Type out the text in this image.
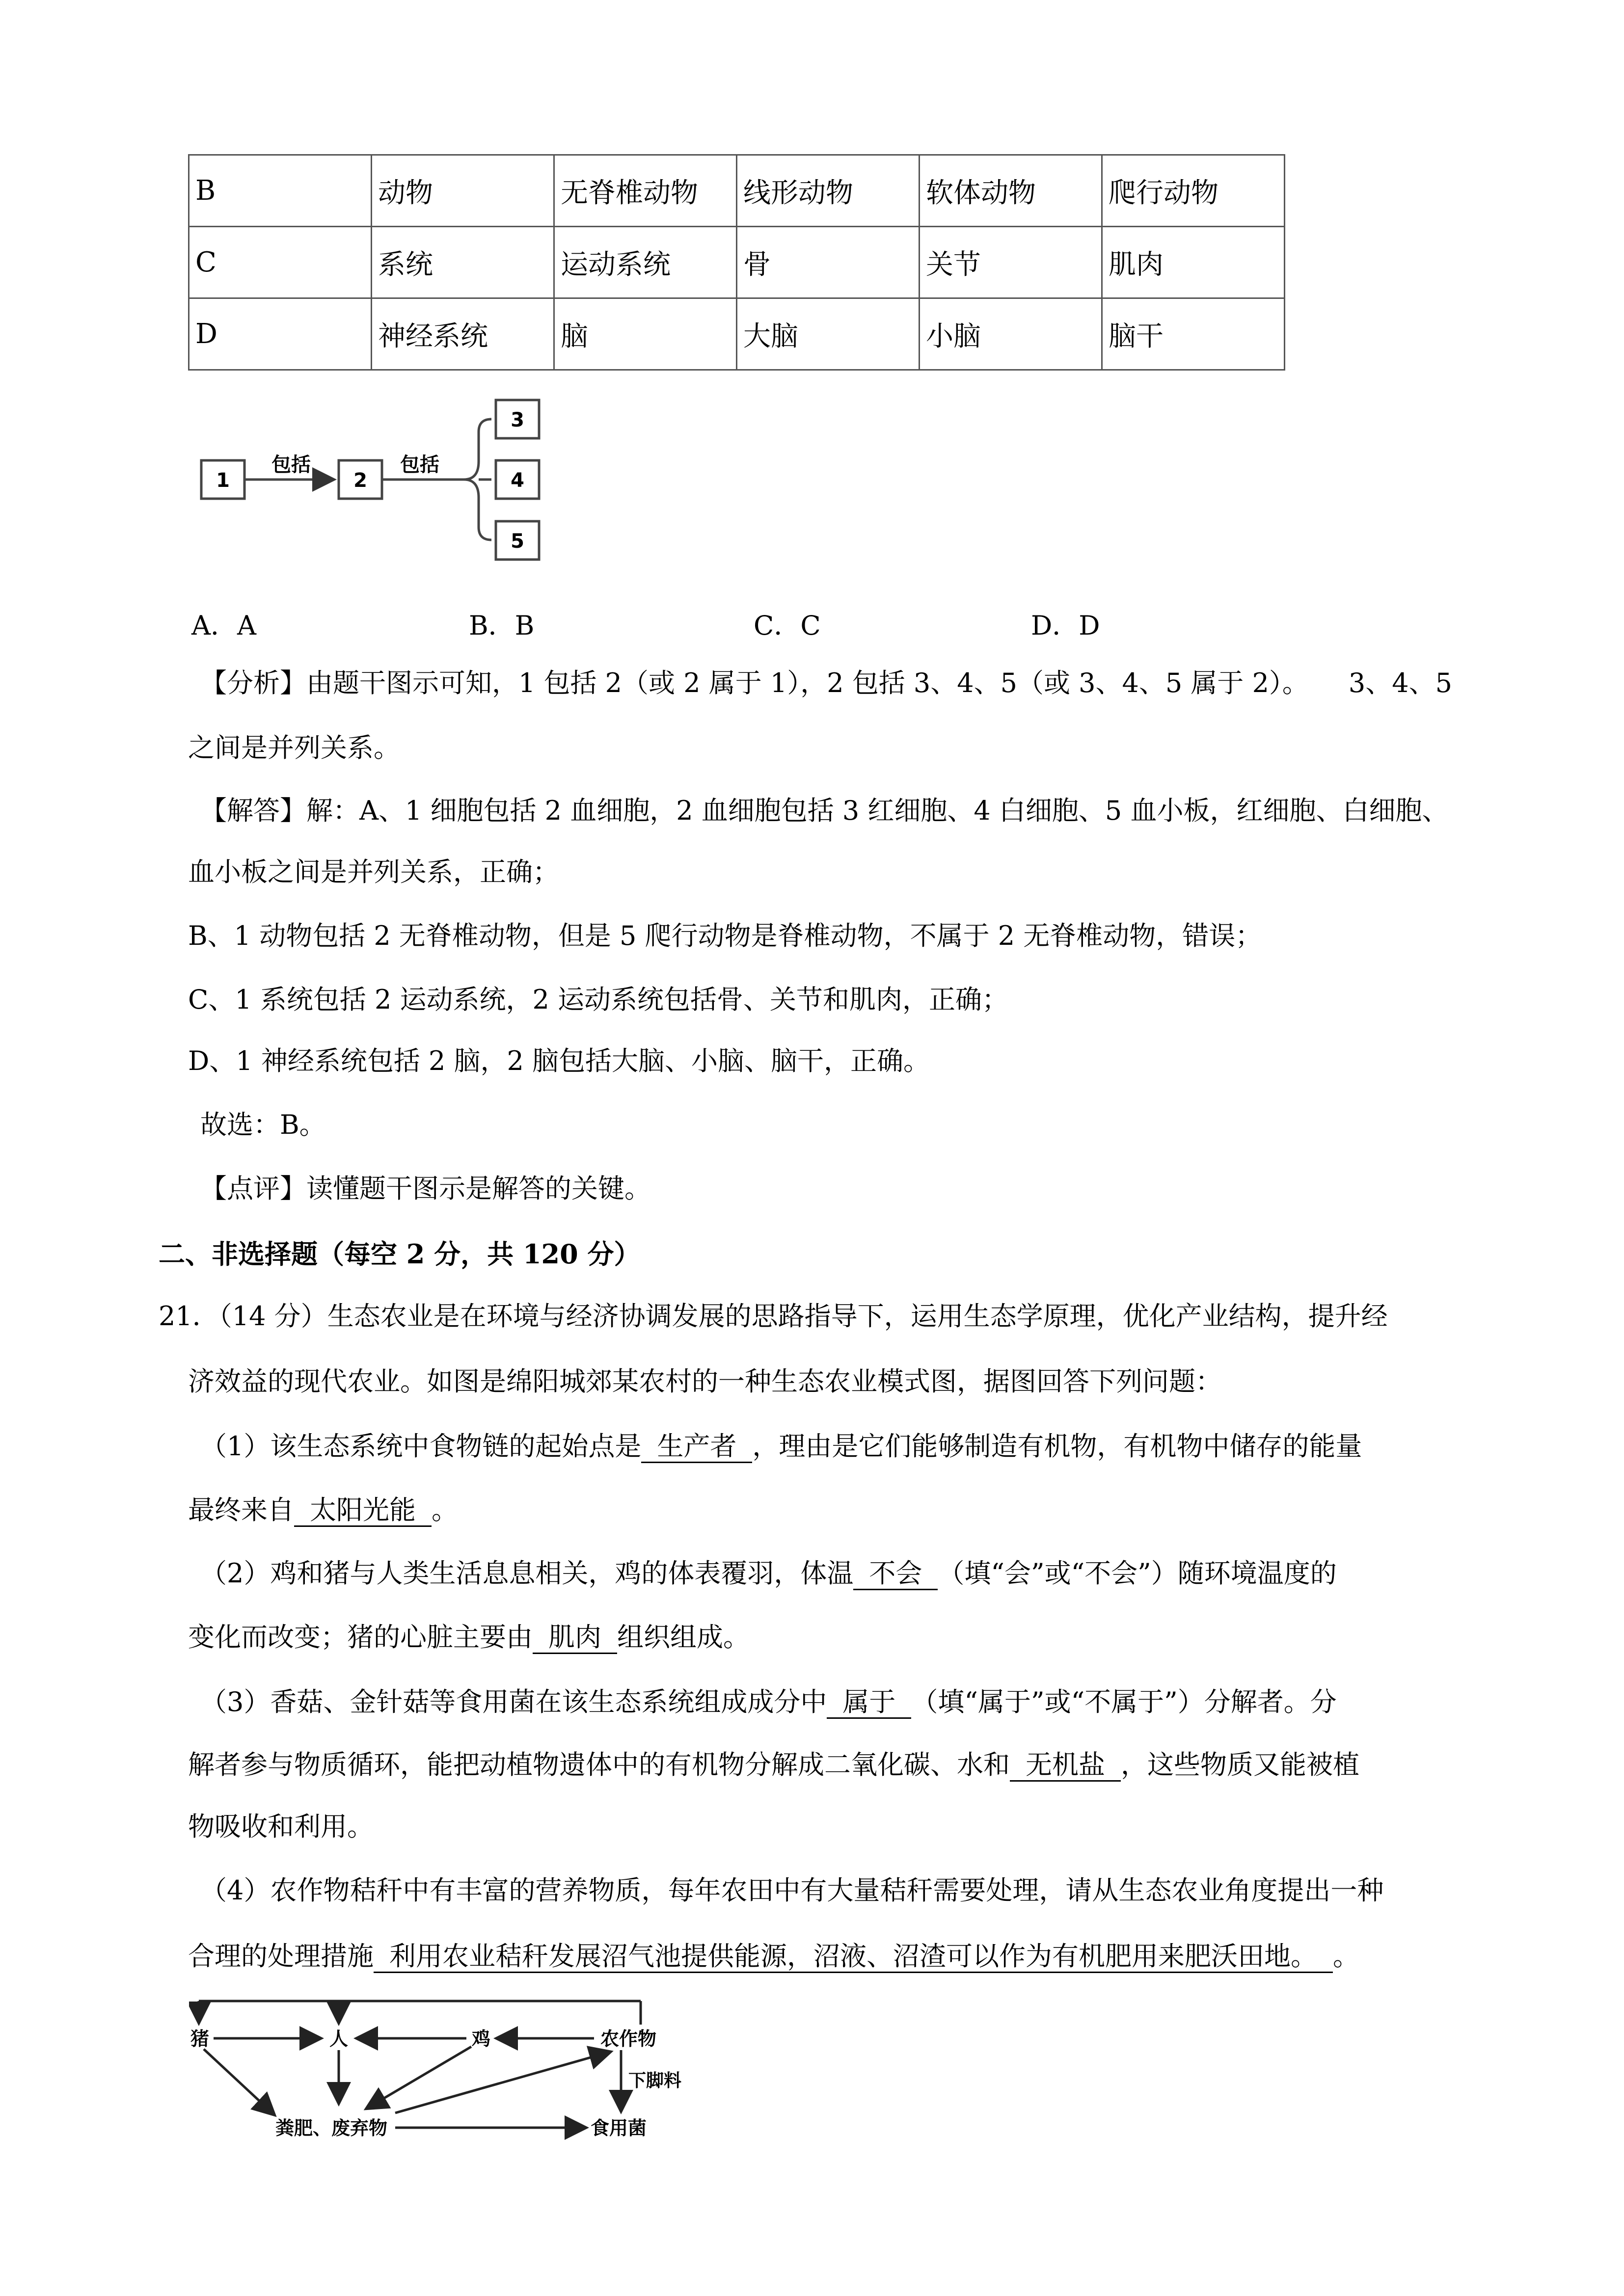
B	动物	无脊椎动物	线形动物	软体动物	爬行动物
C	系统	运动系统	骨	关节	肌肉
D	神经系统	脑	大脑	小脑	脑干
1	2
3
4
5
包括	包括
A．A	B．B	C．C	D．D
【分析】由题干图示可知，1 包括 2（或 2 属于 1），2 包括 3、4、5（或 3、4、5 属于 2）。　　3、4、5
之间是并列关系。
【解答】解：A、1 细胞包括 2 血细胞，2 血细胞包括 3 红细胞、4 白细胞、5 血小板，红细胞、白细胞、
血小板之间是并列关系，正确；
B、1 动物包括 2 无脊椎动物，但是 5 爬行动物是脊椎动物，不属于 2 无脊椎动物，错误；
C、1 系统包括 2 运动系统，2 运动系统包括骨、关节和肌肉，正确；
D、1 神经系统包括 2 脑，2 脑包括大脑、小脑、脑干，正确。
故选：B。
【点评】读懂题干图示是解答的关键。
二、非选择题（每空 2 分，共 120 分）
21．（14 分）生态农业是在环境与经济协调发展的思路指导下，运用生态学原理，优化产业结构，提升经
济效益的现代农业。如图是绵阳城郊某农村的一种生态农业模式图，据图回答下列问题：
（1）该生态系统中食物链的起始点是 生产者 ，理由是它们能够制造有机物，有机物中储存的能量
最终来自 太阳光能 。
（2）鸡和猪与人类生活息息相关，鸡的体表覆羽，体温 不会 （填“会”或“不会”）随环境温度的
变化而改变；猪的心脏主要由 肌肉 组织组成。
（3）香菇、金针菇等食用菌在该生态系统组成成分中 属于 （填“属于”或“不属于”）分解者。分
解者参与物质循环，能把动植物遗体中的有机物分解成二氧化碳、水和 无机盐 ，这些物质又能被植
物吸收和利用。
（4）农作物秸秆中有丰富的营养物质，每年农田中有大量秸秆需要处理，请从生态农业角度提出一种
合理的处理措施 利用农业秸秆发展沼气池提供能源，沼液、沼渣可以作为有机肥用来肥沃田地。 。
猪	人	鸡	农作物
粪肥、废弃物	食用菌
下脚料
